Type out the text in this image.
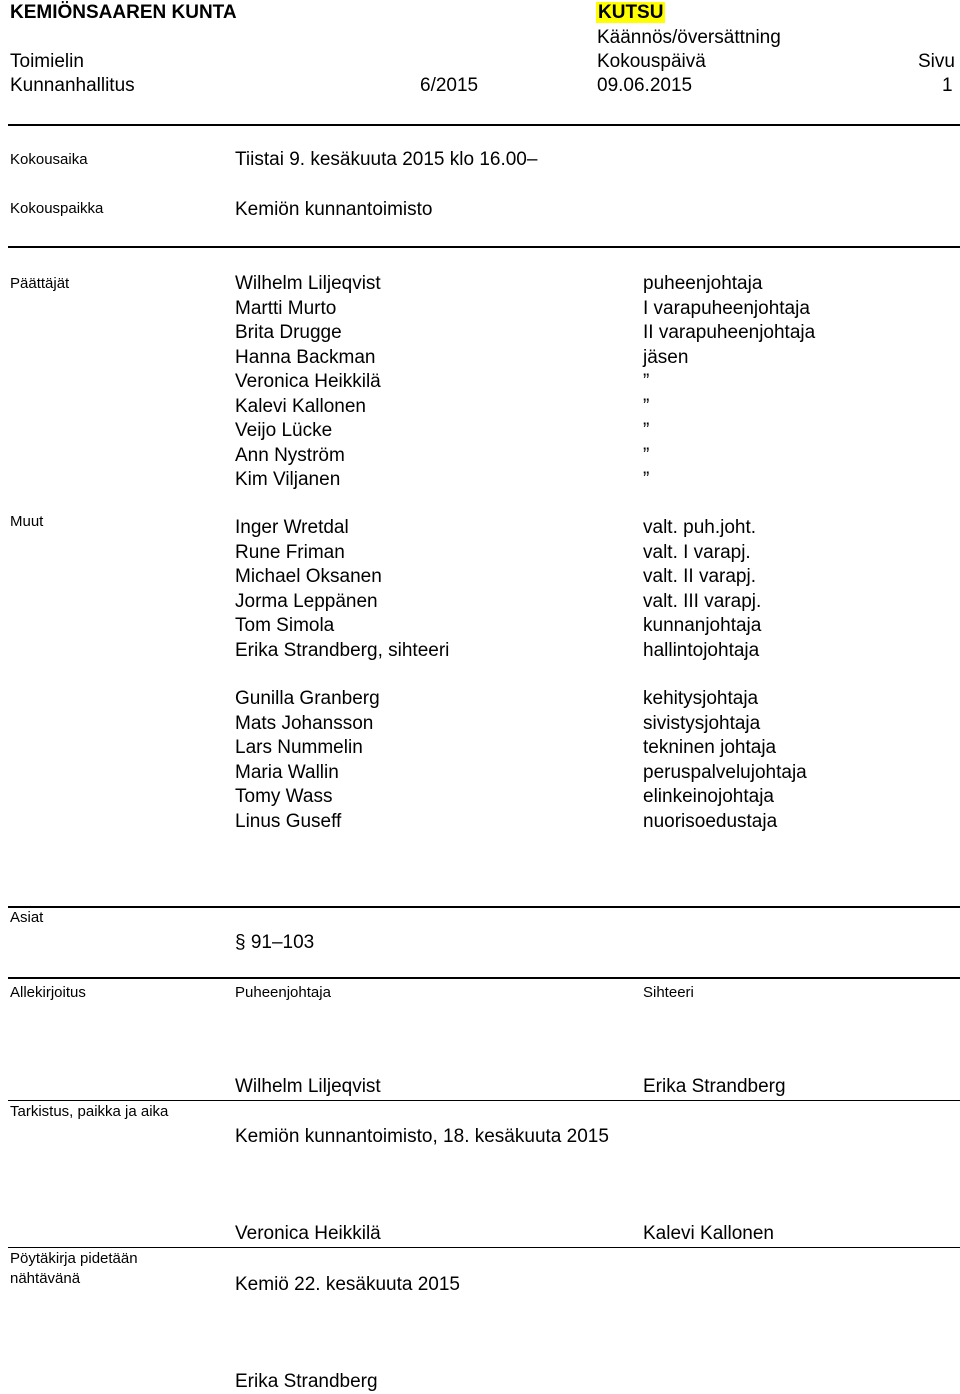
KEMIÖNSAAREN KUNTA	KUTSU
Käännös/översättning
Toimielin	Kokouspäivä	Sivu
Kunnanhallitus	6/2015	09.06.2015	1
Kokousaika	Tiistai 9. kesäkuuta 2015 klo 16.00–
Kokouspaikka	Kemiön kunnantoimisto
Päättäjät	Wilhelm Liljeqvist	puheenjohtaja
Martti Murto	I varapuheenjohtaja
Brita Drugge	II varapuheenjohtaja
Hanna Backman	jäsen
Veronica Heikkilä	”
Kalevi Kallonen	”
Veijo Lücke	”
Ann Nyström	”
Kim Viljanen	”
Muut	Inger Wretdal	valt. puh.joht.
Rune Friman	valt. I varapj.
Michael Oksanen	valt. II varapj.
Jorma Leppänen	valt. III varapj.
Tom Simola	kunnanjohtaja
Erika Strandberg, sihteeri	hallintojohtaja
Gunilla Granberg	kehitysjohtaja
Mats Johansson	sivistysjohtaja
Lars Nummelin	tekninen johtaja
Maria Wallin	peruspalvelujohtaja
Tomy Wass	elinkeinojohtaja
Linus Guseff	nuorisoedustaja
Asiat
§ 91–103
Allekirjoitus	Puheenjohtaja	Sihteeri
Wilhelm Liljeqvist	Erika Strandberg
Tarkistus, paikka ja aika
Kemiön kunnantoimisto, 18. kesäkuuta 2015
Veronica Heikkilä	Kalevi Kallonen
Pöytäkirja pidetään nähtävänä	Kemiö 22. kesäkuuta 2015
Erika Strandberg
